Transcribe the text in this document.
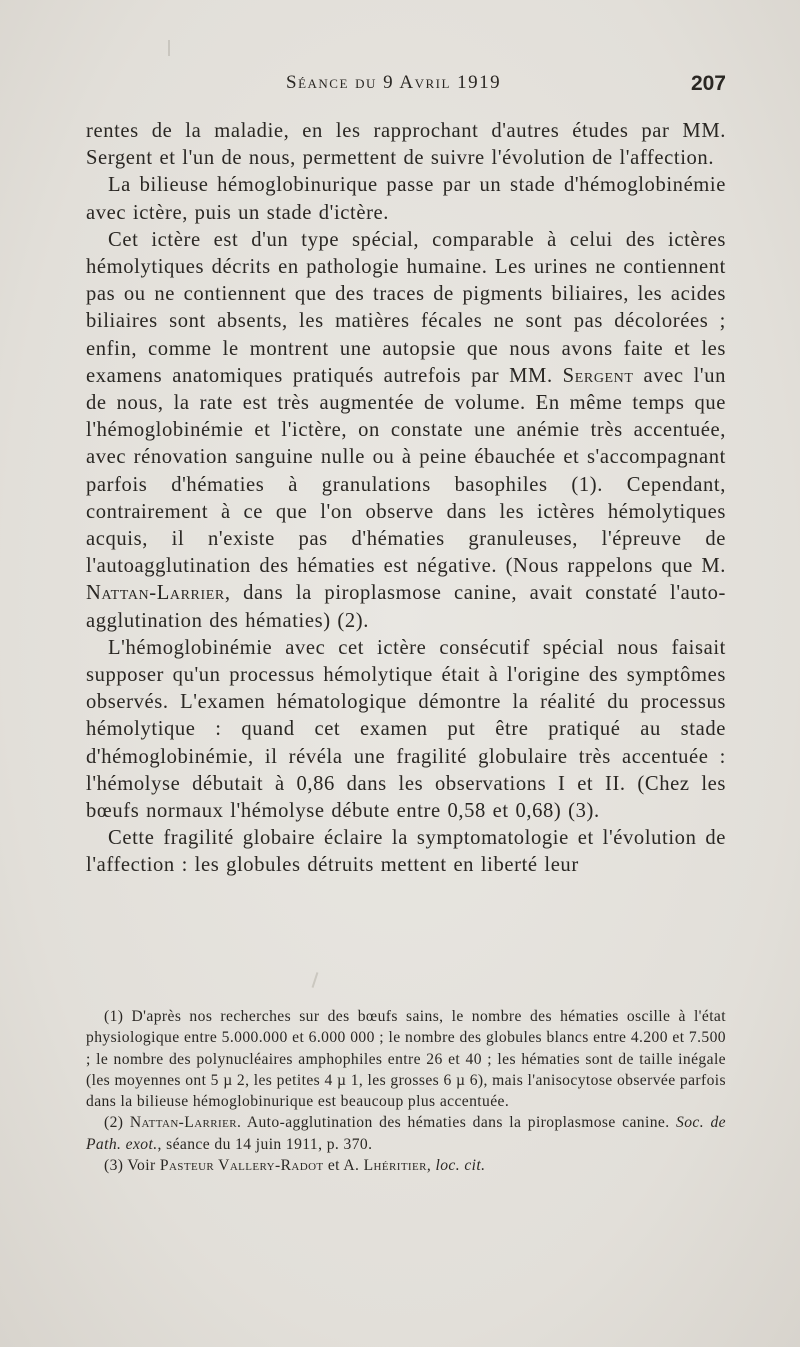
Séance du 9 Avril 1919	207

rentes de la maladie, en les rapprochant d'autres études par MM. Sergent et l'un de nous, permettent de suivre l'évolution de l'affection.

La bilieuse hémoglobinurique passe par un stade d'hémoglobinémie avec ictère, puis un stade d'ictère.

Cet ictère est d'un type spécial, comparable à celui des ictères hémolytiques décrits en pathologie humaine. Les urines ne contiennent pas ou ne contiennent que des traces de pigments biliaires, les acides biliaires sont absents, les matières fécales ne sont pas décolorées ; enfin, comme le montrent une autopsie que nous avons faite et les examens anatomiques pratiqués autrefois par MM. Sergent avec l'un de nous, la rate est très augmentée de volume. En même temps que l'hémoglobinémie et l'ictère, on constate une anémie très accentuée, avec rénovation sanguine nulle ou à peine ébauchée et s'accompagnant parfois d'hématies à granulations basophiles (1). Cependant, contrairement à ce que l'on observe dans les ictères hémolytiques acquis, il n'existe pas d'hématies granuleuses, l'épreuve de l'autoagglutination des hématies est négative. (Nous rappelons que M. Nattan-Larrier, dans la piroplasmose canine, avait constaté l'auto-agglutination des hématies) (2).

L'hémoglobinémie avec cet ictère consécutif spécial nous faisait supposer qu'un processus hémolytique était à l'origine des symptômes observés. L'examen hématologique démontre la réalité du processus hémolytique : quand cet examen put être pratiqué au stade d'hémoglobinémie, il révéla une fragilité globulaire très accentuée : l'hémolyse débutait à 0,86 dans les observations I et II. (Chez les bœufs normaux l'hémolyse débute entre 0,58 et 0,68) (3).

Cette fragilité globaire éclaire la symptomatologie et l'évolution de l'affection : les globules détruits mettent en liberté leur

(1) D'après nos recherches sur des bœufs sains, le nombre des hématies oscille à l'état physiologique entre 5.000.000 et 6.000 000 ; le nombre des globules blancs entre 4.200 et 7.500 ; le nombre des polynucléaires amphophiles entre 26 et 40 ; les hématies sont de taille inégale (les moyennes ont 5 µ 2, les petites 4 µ 1, les grosses 6 µ 6), mais l'anisocytose observée parfois dans la bilieuse hémoglobinurique est beaucoup plus accentuée.

(2) Nattan-Larrier. Auto-agglutination des hématies dans la piroplasmose canine. Soc. de Path. exot., séance du 14 juin 1911, p. 370.

(3) Voir Pasteur Vallery-Radot et A. Lhéritier, loc. cit.
